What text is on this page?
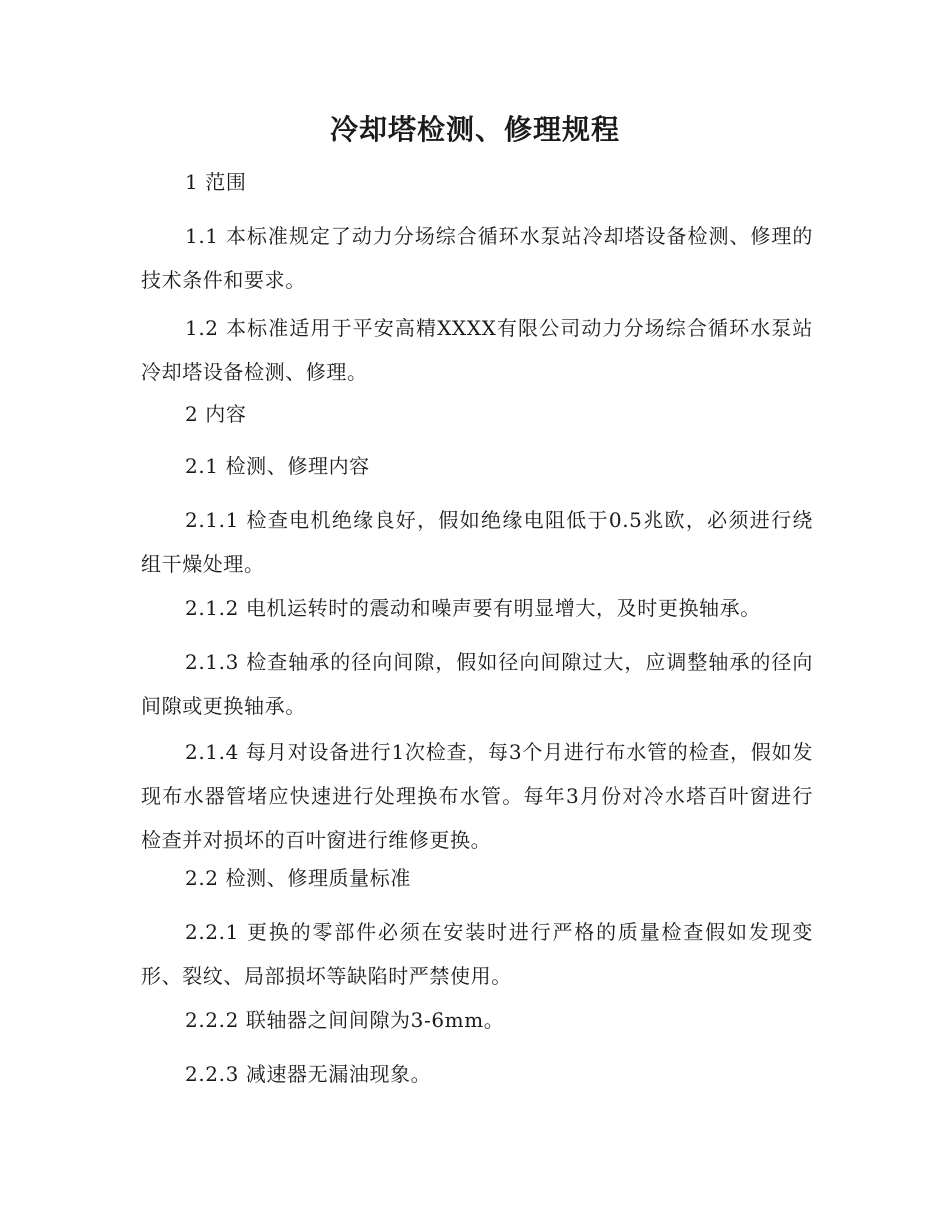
冷却塔检测、修理规程

1 范围

1.1 本标准规定了动力分场综合循环水泵站冷却塔设备检测、修理的技术条件和要求。

1.2 本标准适用于平安高精XXXX有限公司动力分场综合循环水泵站冷却塔设备检测、修理。

2 内容

2.1 检测、修理内容

2.1.1 检查电机绝缘良好，假如绝缘电阻低于0.5兆欧，必须进行绕组干燥处理。

2.1.2 电机运转时的震动和噪声要有明显增大，及时更换轴承。

2.1.3 检查轴承的径向间隙，假如径向间隙过大，应调整轴承的径向间隙或更换轴承。

2.1.4 每月对设备进行1次检查，每3个月进行布水管的检查，假如发现布水器管堵应快速进行处理换布水管。每年3月份对冷水塔百叶窗进行检查并对损坏的百叶窗进行维修更换。

2.2 检测、修理质量标准

2.2.1 更换的零部件必须在安装时进行严格的质量检查假如发现变形、裂纹、局部损坏等缺陷时严禁使用。

2.2.2 联轴器之间间隙为3-6mm。

2.2.3 减速器无漏油现象。
